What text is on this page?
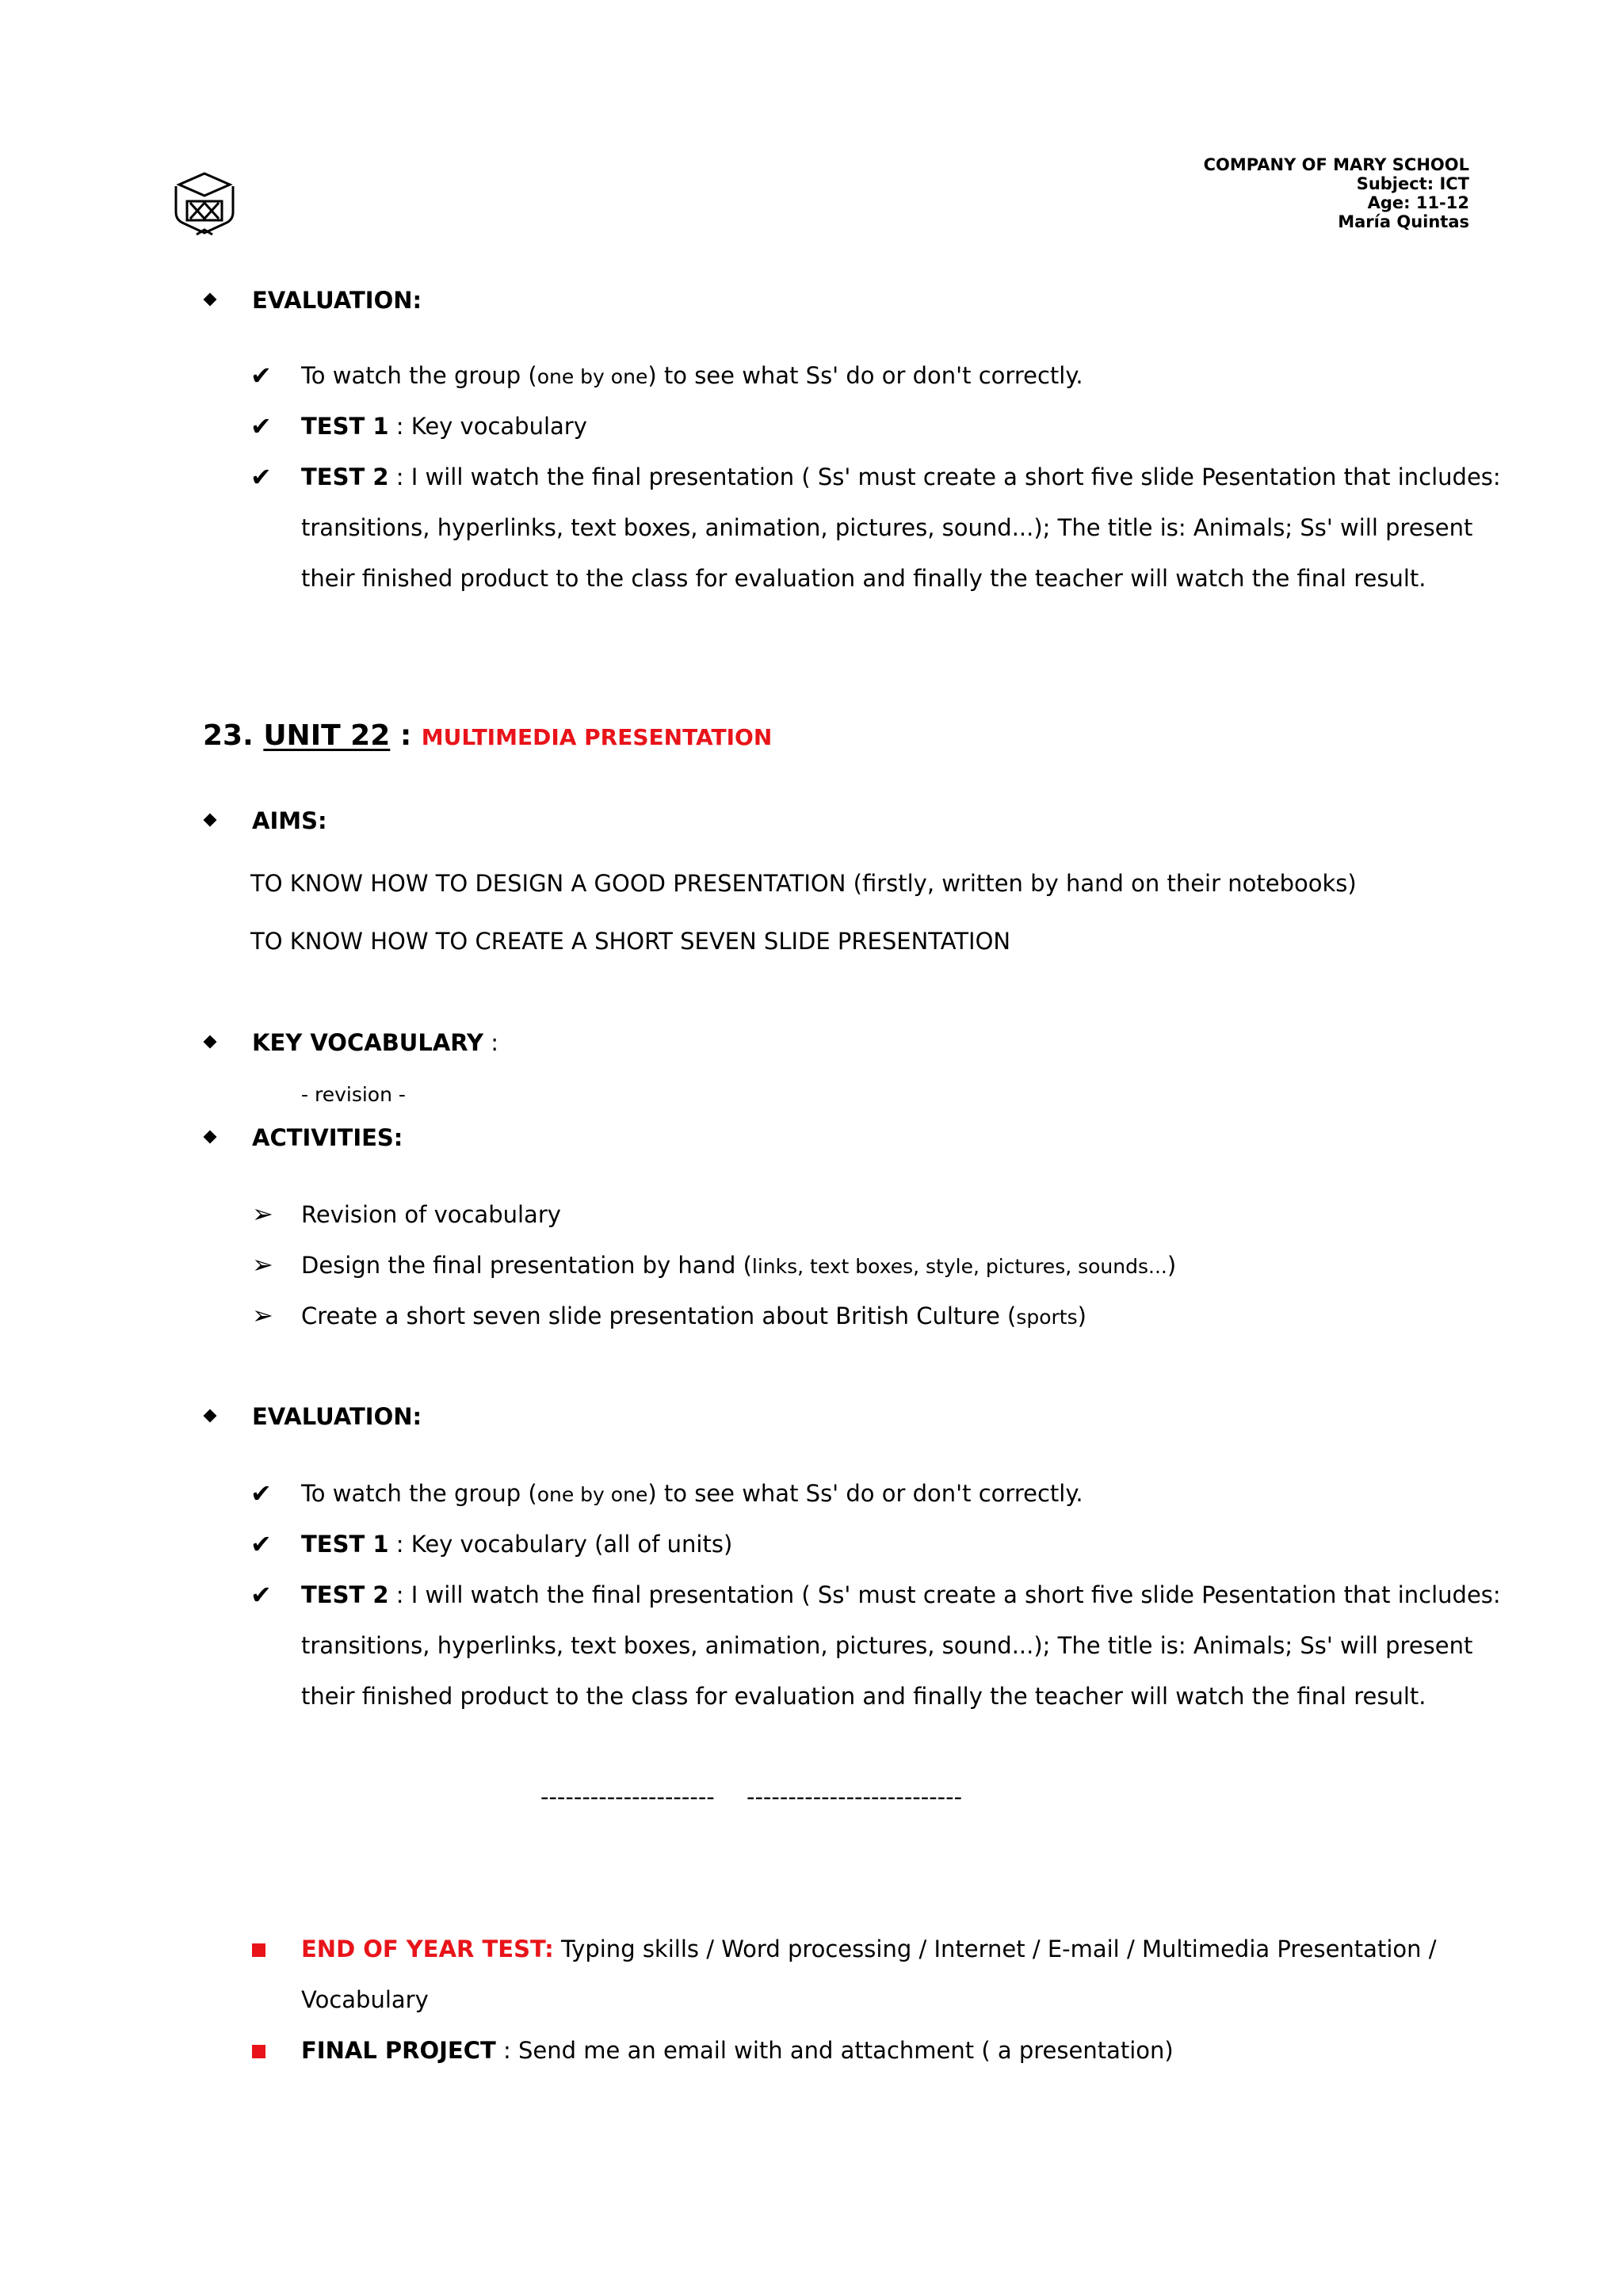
COMPANY OF MARY SCHOOL
Subject: ICT
Age: 11-12
María Quintas
EVALUATION:
✔ To watch the group (one by one) to see what Ss' do or don't correctly.
✔ TEST 1 : Key vocabulary
✔ TEST 2 : I will watch the final presentation ( Ss' must create a short five slide Pesentation that includes:
transitions, hyperlinks, text boxes, animation, pictures, sound...); The title is: Animals; Ss' will present
their finished product to the class for evaluation and finally the teacher will watch the final result.
23. UNIT 22 : MULTIMEDIA PRESENTATION
AIMS:
TO KNOW HOW TO DESIGN A GOOD PRESENTATION (firstly, written by hand on their notebooks)
TO KNOW HOW TO CREATE A SHORT SEVEN SLIDE PRESENTATION
KEY VOCABULARY :
- revision -
ACTIVITIES:
➢ Revision of vocabulary
➢ Design the final presentation by hand (links, text boxes, style, pictures, sounds...)
➢ Create a short seven slide presentation about British Culture (sports)
EVALUATION:
✔ To watch the group (one by one) to see what Ss' do or don't correctly.
✔ TEST 1 : Key vocabulary (all of units)
✔ TEST 2 : I will watch the final presentation ( Ss' must create a short five slide Pesentation that includes:
transitions, hyperlinks, text boxes, animation, pictures, sound...); The title is: Animals; Ss' will present
their finished product to the class for evaluation and finally the teacher will watch the final result.
--------------------- --------------------------
END OF YEAR TEST: Typing skills / Word processing / Internet / E-mail / Multimedia Presentation /
Vocabulary
FINAL PROJECT : Send me an email with and attachment ( a presentation)
